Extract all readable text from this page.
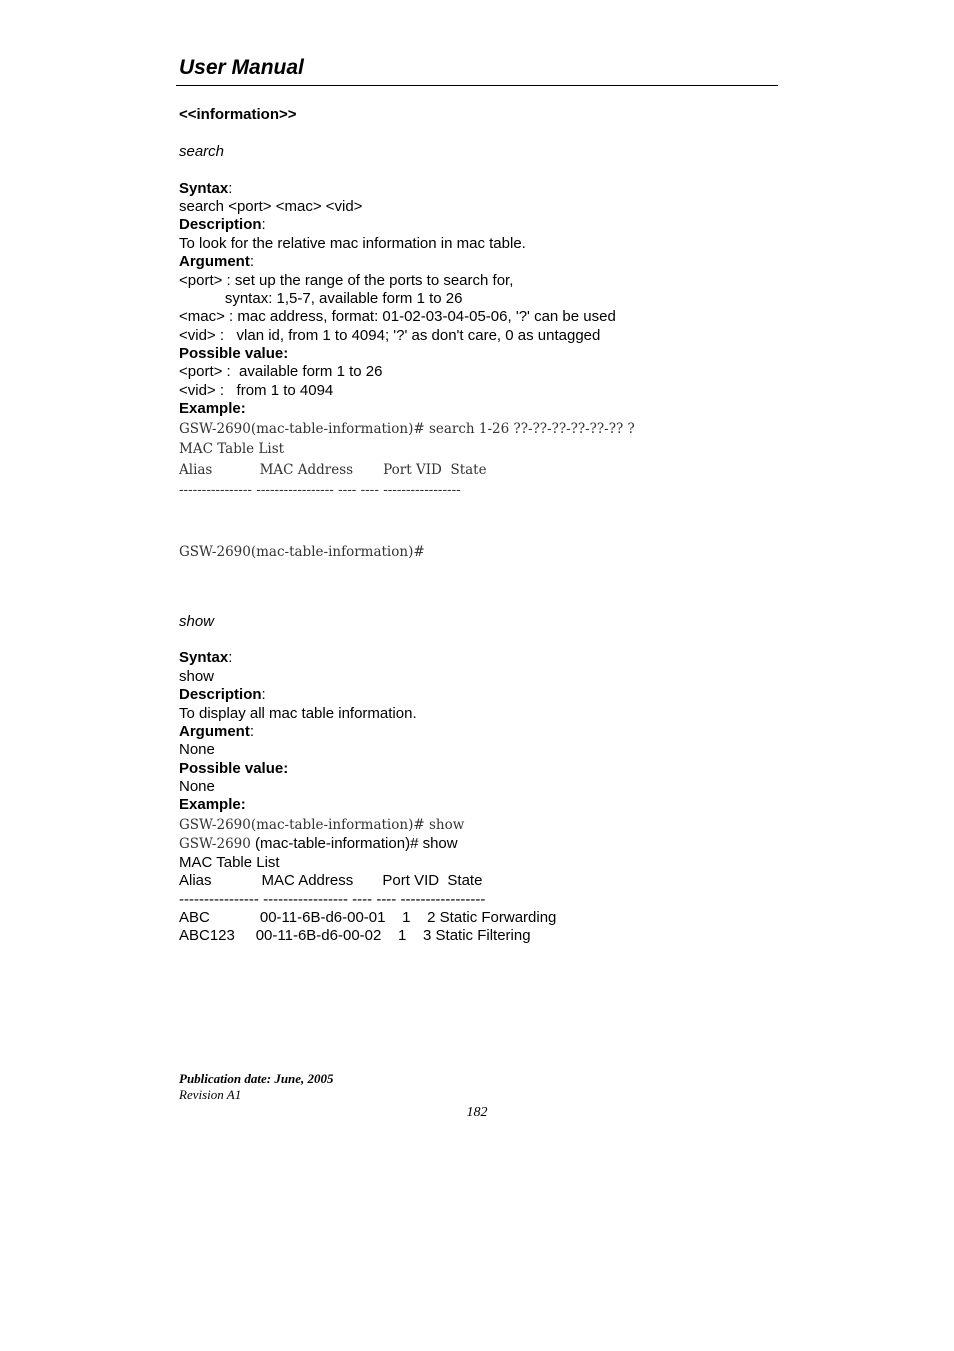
User Manual
<<information>>
search
Syntax:
search <port> <mac> <vid>
Description:
To look for the relative mac information in mac table.
Argument:
<port> : set up the range of the ports to search for,
syntax: 1,5-7, available form 1 to 26
<mac> : mac address, format: 01-02-03-04-05-06, '?' can be used
<vid> :   vlan id, from 1 to 4094; '?' as don't care, 0 as untagged
Possible value:
<port> :  available form 1 to 26
<vid> :   from 1 to 4094
Example:
GSW-2690(mac-table-information)# search 1-26 ??-??-??-??-??-?? ?
MAC Table List
Alias           MAC Address       Port VID  State
---------------- ----------------- ---- ---- -----------------
GSW-2690(mac-table-information)#
show
Syntax:
show
Description:
To display all mac table information.
Argument:
None
Possible value:
None
Example:
GSW-2690(mac-table-information)# show
GSW-2690 (mac-table-information)# show
MAC Table List
Alias            MAC Address       Port VID  State
---------------- ----------------- ---- ---- -----------------
ABC            00-11-6B-d6-00-01    1    2 Static Forwarding
ABC123     00-11-6B-d6-00-02    1    3 Static Filtering
Publication date: June, 2005
Revision A1
182
